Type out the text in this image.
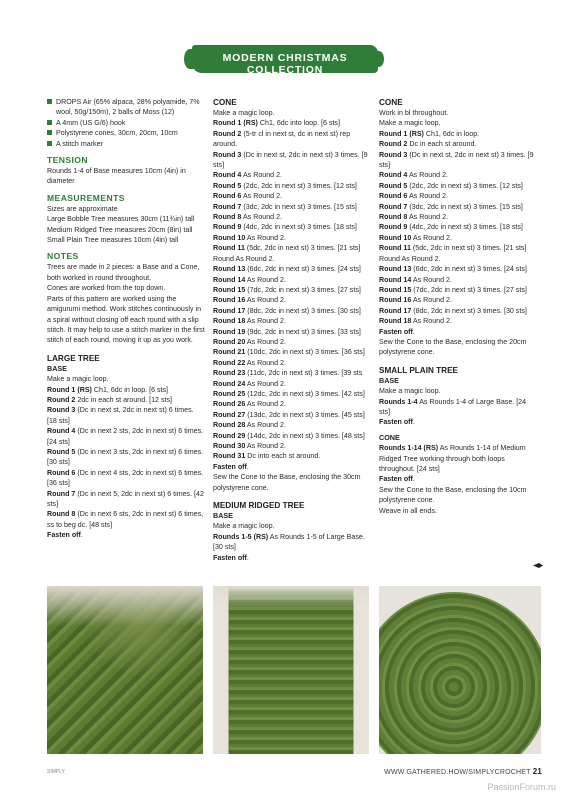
MODERN CHRISTMAS COLLECTION
DROPS Air (65% alpaca, 28% polyamide, 7% wool, 50g/150m), 2 balls of Moss (12)
A 4mm (US G/6) hook
Polystyrene cones, 30cm, 20cm, 10cm
A stitch marker
TENSION
Rounds 1-4 of Base measures 10cm (4in) in diameter
MEASUREMENTS
Sizes are approximate
Large Bobble Tree measures 30cm (11¾in) tall
Medium Ridged Tree measures 20cm (8in) tall
Small Plain Tree measures 10cm (4in) tall
NOTES
Trees are made in 2 pieces: a Base and a Cone, both worked in round throughout.
Cones are worked from the top down.
Parts of this pattern are worked using the amigurumi method. Work stitches continuously in a spiral without closing off each round with a slip stitch. It may help to use a stitch marker in the first stitch of each round, moving it up as you work.
LARGE TREE
BASE
Make a magic loop.
Round 1 (RS) Ch1, 6dc in loop. [6 sts]
Round 2 2dc in each st around. [12 sts]
Round 3 (Dc in next st, 2dc in next st) 6 times. [18 sts]
Round 4 (Dc in next 2 sts, 2dc in next st) 6 times. [24 sts]
Round 5 (Dc in next 3 sts, 2dc in next st) 6 times. [30 sts]
Round 6 (Dc in next 4 sts, 2dc in next st) 6 times. [36 sts]
Round 7 (Dc in next 5, 2dc in next st) 6 times. [42 sts]
Round 8 (Dc in next 6 sts, 2dc in next st) 6 times, ss to beg dc. [48 sts]
Fasten off.
CONE
Make a magic loop.
Round 1 (RS) Ch1, 6dc into loop. [6 sts]
Round 2 (5-tr cl in next st, dc in next st) rep around.
Round 3 (Dc in next st, 2dc in next st) 3 times. [9 sts]
Round 4 As Round 2.
Round 5 (2dc, 2dc in next st) 3 times. [12 sts]
Round 6 As Round 2.
Round 7 (3dc, 2dc in next st) 3 times. [15 sts]
Round 8 As Round 2.
Round 9 (4dc, 2dc in next st) 3 times. [18 sts]
Round 10 As Round 2.
Round 11 (5dc, 2dc in next st) 3 times. [21 sts]
Round As Round 2.
Round 13 (6dc, 2dc in next st) 3 times. [24 sts]
Round 14 As Round 2.
Round 15 (7dc, 2dc in next st) 3 times. [27 sts]
Round 16 As Round 2.
Round 17 (8dc, 2dc in next st) 3 times. [30 sts]
Round 18 As Round 2.
Round 19 (9dc, 2dc in next st) 3 times. [33 sts]
Round 20 As Round 2.
Round 21 (10dc, 2dc in next st) 3 times. [36 sts]
Round 22 As Round 2.
Round 23 (11dc, 2dc in next st) 3 times. [39 sts
Round 24 As Round 2.
Round 25 (12dc, 2dc in next st) 3 times. [42 sts]
Round 26 As Round 2.
Round 27 (13dc, 2dc in next st) 3 times. [45 sts]
Round 28 As Round 2.
Round 29 (14dc, 2dc in next st) 3 times. [48 sts]
Round 30 As Round 2.
Round 31 Dc into each st around.
Fasten off.
Sew the Cone to the Base, enclosing the 30cm polystyrene cone.
MEDIUM RIDGED TREE
BASE
Make a magic loop.
Rounds 1-5 (RS) As Rounds 1-5 of Large Base. [30 sts]
Fasten off.
CONE
Work in bl throughout.
Make a magic loop.
Round 1 (RS) Ch1, 6dc in loop.
Round 2 Dc in each st around.
Round 3 (Dc in next st, 2dc in next st) 3 times. [9 sts]
Round 4 As Round 2.
Round 5 (2dc, 2dc in next st) 3 times. [12 sts]
Round 6 As Round 2.
Round 7 (3dc, 2dc in next st) 3 times. [15 sts]
Round 8 As Round 2.
Round 9 (4dc, 2dc in next st) 3 times. [18 sts]
Round 10 As Round 2.
Round 11 (5dc, 2dc in next st) 3 times. [21 sts]
Round As Round 2.
Round 13 (6dc, 2dc in next st) 3 times. [24 sts]
Round 14 As Round 2.
Round 15 (7dc, 2dc in next st) 3 times. [27 sts]
Round 16 As Round 2.
Round 17 (8dc, 2dc in next st) 3 times. [30 sts]
Round 18 As Round 2.
Fasten off.
Sew the Cone to the Base, enclosing the 20cm polystyrene cone.
SMALL PLAIN TREE
BASE
Make a magic loop.
Rounds 1-4 As Rounds 1-4 of Large Base. [24 sts]
Fasten off.
CONE
Rounds 1-14 (RS) As Rounds 1-14 of Medium Ridged Tree working through both loops throughout. [24 sts]
Fasten off.
Sew the Cone to the Base, enclosing the 10cm polystyrene cone.
Weave in all ends.
SIMPLY	WWW.GATHERED.HOW/SIMPLYCROCHET 21
PassionForum.ru
